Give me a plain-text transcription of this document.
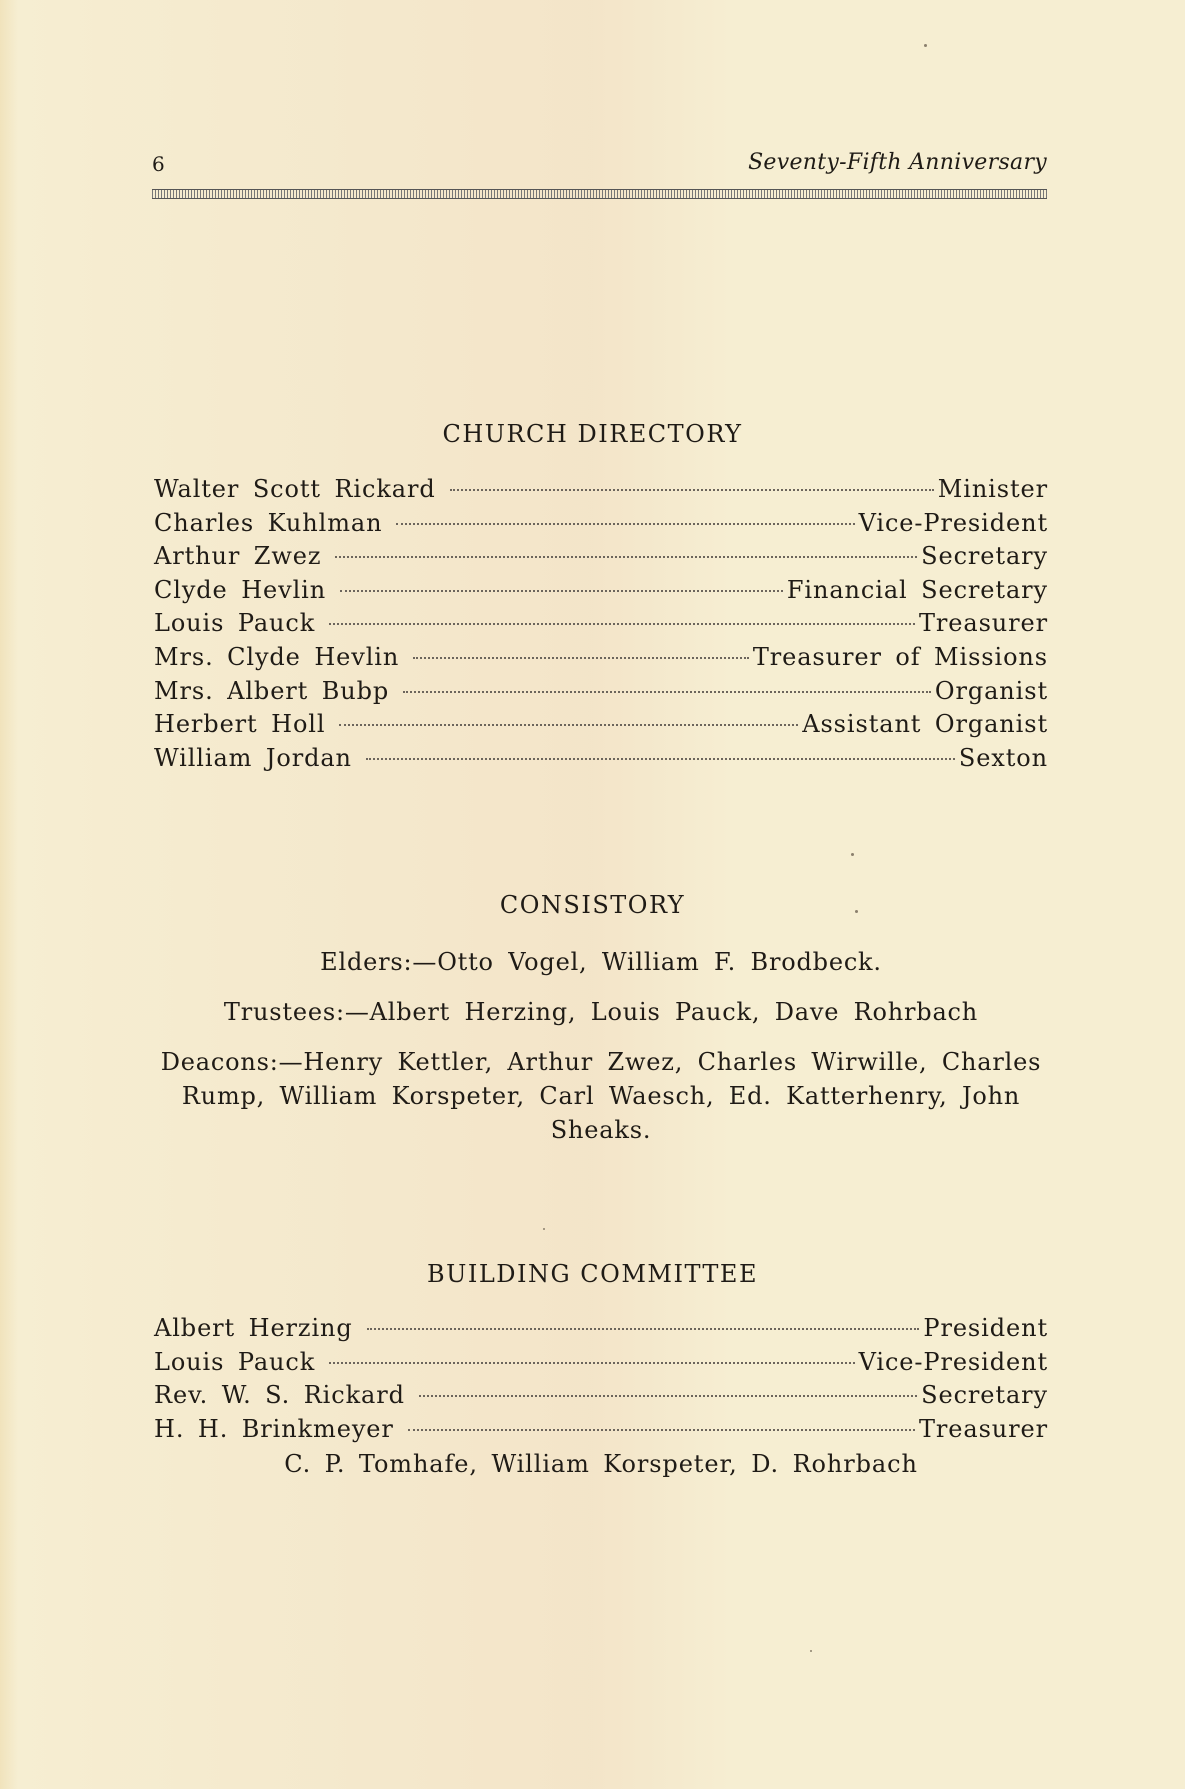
6	Seventy-Fifth Anniversary
CHURCH DIRECTORY
Walter Scott Rickard	Minister
Charles Kuhlman	Vice-President
Arthur Zwez	Secretary
Clyde Hevlin	Financial Secretary
Louis Pauck	Treasurer
Mrs. Clyde Hevlin	Treasurer of Missions
Mrs. Albert Bubp	Organist
Herbert Holl	Assistant Organist
William Jordan	Sexton
CONSISTORY
Elders:—Otto Vogel, William F. Brodbeck.
Trustees:—Albert Herzing, Louis Pauck, Dave Rohrbach
Deacons:—Henry Kettler, Arthur Zwez, Charles Wirwille, Charles Rump, William Korspeter, Carl Waesch, Ed. Katterhenry, John Sheaks.
BUILDING COMMITTEE
Albert Herzing	President
Louis Pauck	Vice-President
Rev. W. S. Rickard	Secretary
H. H. Brinkmeyer	Treasurer
C. P. Tomhafe, William Korspeter, D. Rohrbach
